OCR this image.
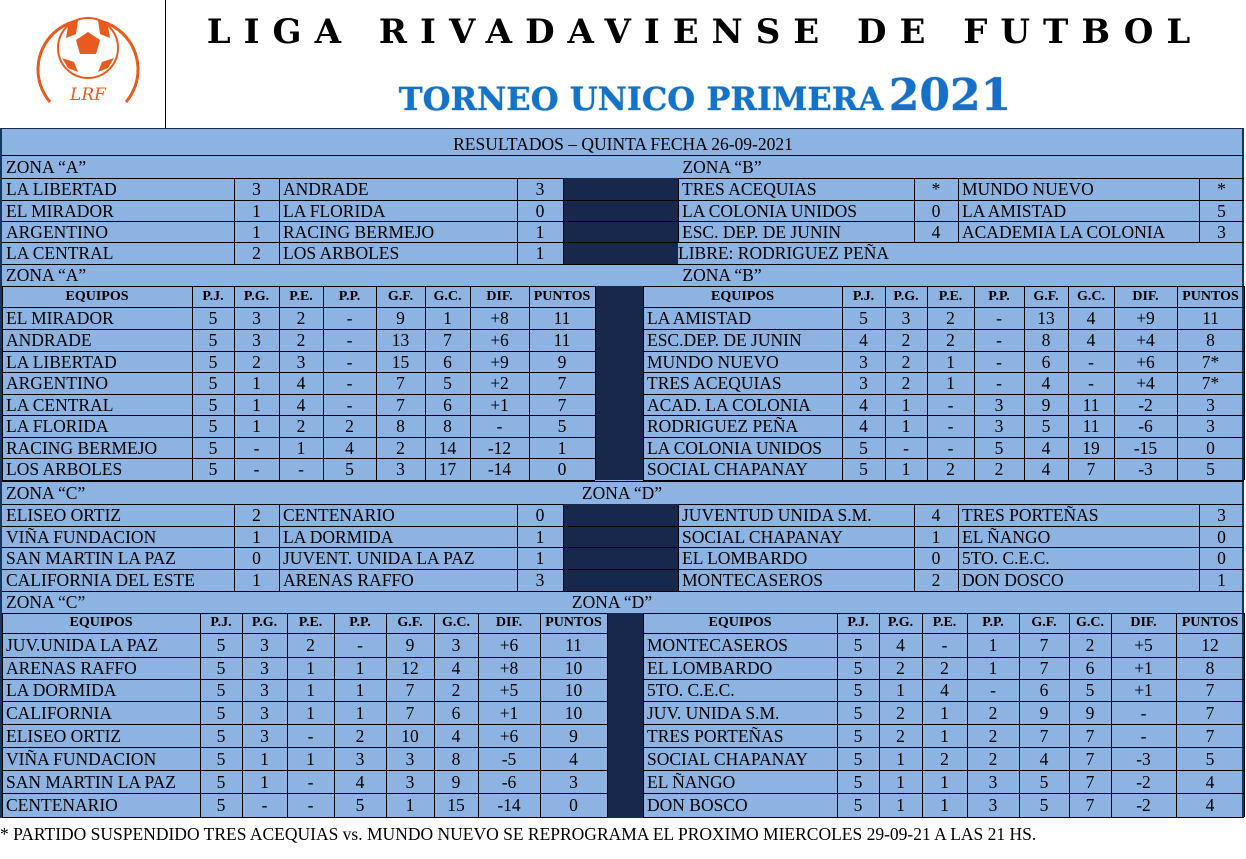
LRF
LIGA RIVADAVIENSE DE FUTBOL
TORNEO UNICO PRIMERA 2021
RESULTADOS – QUINTA FECHA 26-09-2021
ZONA “A”	ZONA “B”
LA LIBERTAD	3	ANDRADE	3	TRES ACEQUIAS	*	MUNDO NUEVO	*
EL MIRADOR	1	LA FLORIDA	0	LA COLONIA UNIDOS	0	LA AMISTAD	5
ARGENTINO	1	RACING BERMEJO	1	ESC. DEP. DE JUNIN	4	ACADEMIA LA COLONIA	3
LA CENTRAL	2	LOS ARBOLES	1	LIBRE: RODRIGUEZ PEÑA
ZONA “A”	ZONA “B”
EQUIPOS	P.J.	P.G.	P.E.	P.P.	G.F.	G.C.	DIF.	PUNTOS
EL MIRADOR	5	3	2	-	9	1	+8	11
ANDRADE	5	3	2	-	13	7	+6	11
LA LIBERTAD	5	2	3	-	15	6	+9	9
ARGENTINO	5	1	4	-	7	5	+2	7
LA CENTRAL	5	1	4	-	7	6	+1	7
LA FLORIDA	5	1	2	2	8	8	-	5
RACING BERMEJO	5	-	1	4	2	14	-12	1
LOS ARBOLES	5	-	-	5	3	17	-14	0
EQUIPOS	P.J.	P.G.	P.E.	P.P.	G.F.	G.C.	DIF.	PUNTOS
LA AMISTAD	5	3	2	-	13	4	+9	11
ESC.DEP. DE JUNIN	4	2	2	-	8	4	+4	8
MUNDO NUEVO	3	2	1	-	6	-	+6	7*
TRES ACEQUIAS	3	2	1	-	4	-	+4	7*
ACAD. LA COLONIA	4	1	-	3	9	11	-2	3
RODRIGUEZ PEÑA	4	1	-	3	5	11	-6	3
LA COLONIA UNIDOS	5	-	-	5	4	19	-15	0
SOCIAL CHAPANAY	5	1	2	2	4	7	-3	5
ZONA “C”	ZONA “D”
ELISEO ORTIZ	2	CENTENARIO	0	JUVENTUD UNIDA S.M.	4	TRES PORTEÑAS	3
VIÑA FUNDACION	1	LA DORMIDA	1	SOCIAL CHAPANAY	1	EL ÑANGO	0
SAN MARTIN LA PAZ	0	JUVENT. UNIDA LA PAZ	1	EL LOMBARDO	0	5TO. C.E.C.	0
CALIFORNIA DEL ESTE	1	ARENAS RAFFO	3	MONTECASEROS	2	DON DOSCO	1
ZONA “C”	ZONA “D”
EQUIPOS	P.J.	P.G.	P.E.	P.P.	G.F.	G.C.	DIF.	PUNTOS
JUV.UNIDA LA PAZ	5	3	2	-	9	3	+6	11
ARENAS RAFFO	5	3	1	1	12	4	+8	10
LA DORMIDA	5	3	1	1	7	2	+5	10
CALIFORNIA	5	3	1	1	7	6	+1	10
ELISEO ORTIZ	5	3	-	2	10	4	+6	9
VIÑA FUNDACION	5	1	1	3	3	8	-5	4
SAN MARTIN LA PAZ	5	1	-	4	3	9	-6	3
CENTENARIO	5	-	-	5	1	15	-14	0
EQUIPOS	P.J.	P.G.	P.E.	P.P.	G.F.	G.C.	DIF.	PUNTOS
MONTECASEROS	5	4	-	1	7	2	+5	12
EL LOMBARDO	5	2	2	1	7	6	+1	8
5TO. C.E.C.	5	1	4	-	6	5	+1	7
JUV. UNIDA S.M.	5	2	1	2	9	9	-	7
TRES PORTEÑAS	5	2	1	2	7	7	-	7
SOCIAL CHAPANAY	5	1	2	2	4	7	-3	5
EL ÑANGO	5	1	1	3	5	7	-2	4
DON BOSCO	5	1	1	3	5	7	-2	4
* PARTIDO SUSPENDIDO TRES ACEQUIAS vs. MUNDO NUEVO SE REPROGRAMA EL PROXIMO MIERCOLES 29-09-21 A LAS 21 HS.
